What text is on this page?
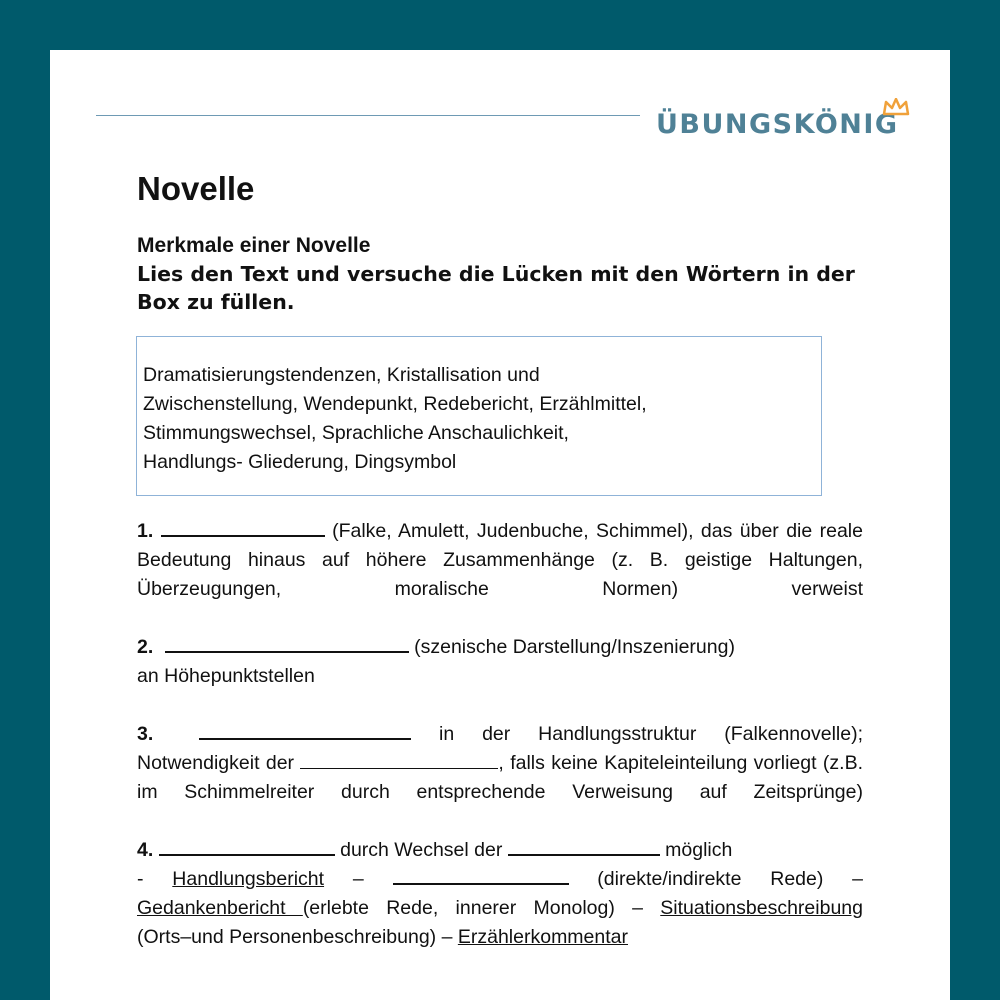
ÜBUNGSKÖNIG
Novelle
Merkmale einer Novelle
Lies den Text und versuche die Lücken mit den Wörtern in der
Box zu füllen.
Dramatisierungstendenzen, Kristallisation und
Zwischenstellung, Wendepunkt, Redebericht, Erzählmittel,
Stimmungswechsel, Sprachliche Anschaulichkeit,
Handlungs- Gliederung, Dingsymbol
1.	(Falke, Amulett, Judenbuche, Schimmel), das über die reale Bedeutung hinaus auf höhere Zusammenhänge (z. B. geistige Haltungen, Überzeugungen, moralische Normen) verweist
2.	(szenische Darstellung/Inszenierung)
an Höhepunktstellen
3.	in der Handlungsstruktur (Falkennovelle); Notwendigkeit der	, falls keine Kapiteleinteilung vorliegt (z.B. im Schimmelreiter durch entsprechende Verweisung auf Zeitsprünge)
4.	durch Wechsel der	möglich
- Handlungsbericht –	(direkte/indirekte Rede) –
Gedankenbericht (erlebte Rede, innerer Monolog) – Situationsbeschreibung
(Orts–und Personenbeschreibung) – Erzählerkommentar
